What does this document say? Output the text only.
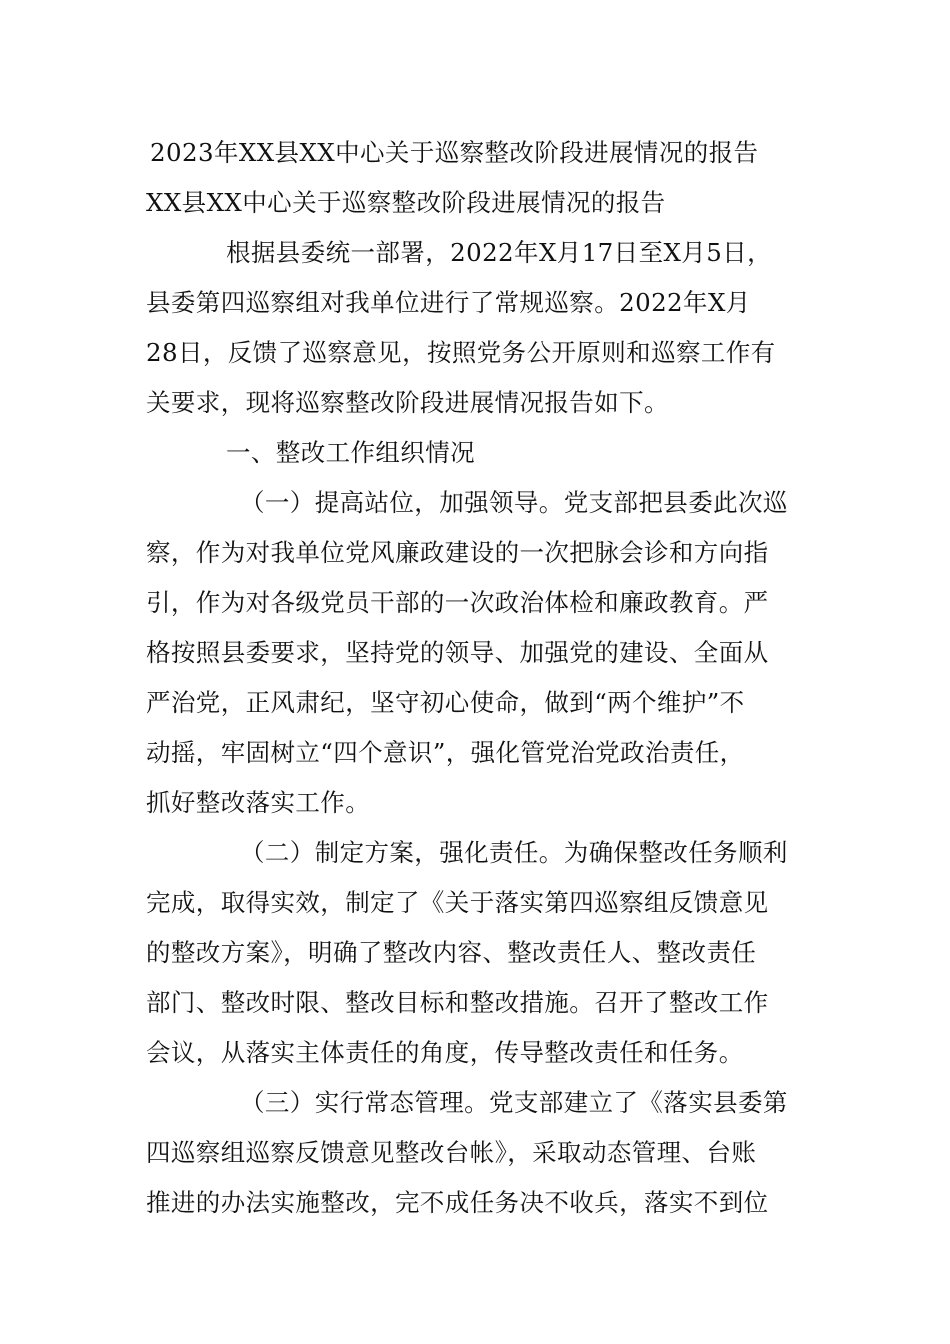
2023年XX县XX中心关于巡察整改阶段进展情况的报告
XX县XX中心关于巡察整改阶段进展情况的报告
根据县委统一部署，2022年X月17日至X月5日，
县委第四巡察组对我单位进行了常规巡察。2022年X月
28日，反馈了巡察意见，按照党务公开原则和巡察工作有
关要求，现将巡察整改阶段进展情况报告如下。
一、整改工作组织情况
（一）提高站位，加强领导。党支部把县委此次巡
察，作为对我单位党风廉政建设的一次把脉会诊和方向指
引，作为对各级党员干部的一次政治体检和廉政教育。严
格按照县委要求，坚持党的领导、加强党的建设、全面从
严治党，正风肃纪，坚守初心使命，做到“两个维护”不
动摇，牢固树立“四个意识”，强化管党治党政治责任，
抓好整改落实工作。
（二）制定方案，强化责任。为确保整改任务顺利
完成，取得实效，制定了《关于落实第四巡察组反馈意见
的整改方案》，明确了整改内容、整改责任人、整改责任
部门、整改时限、整改目标和整改措施。召开了整改工作
会议，从落实主体责任的角度，传导整改责任和任务。
（三）实行常态管理。党支部建立了《落实县委第
四巡察组巡察反馈意见整改台帐》，采取动态管理、台账
推进的办法实施整改，完不成任务决不收兵，落实不到位
